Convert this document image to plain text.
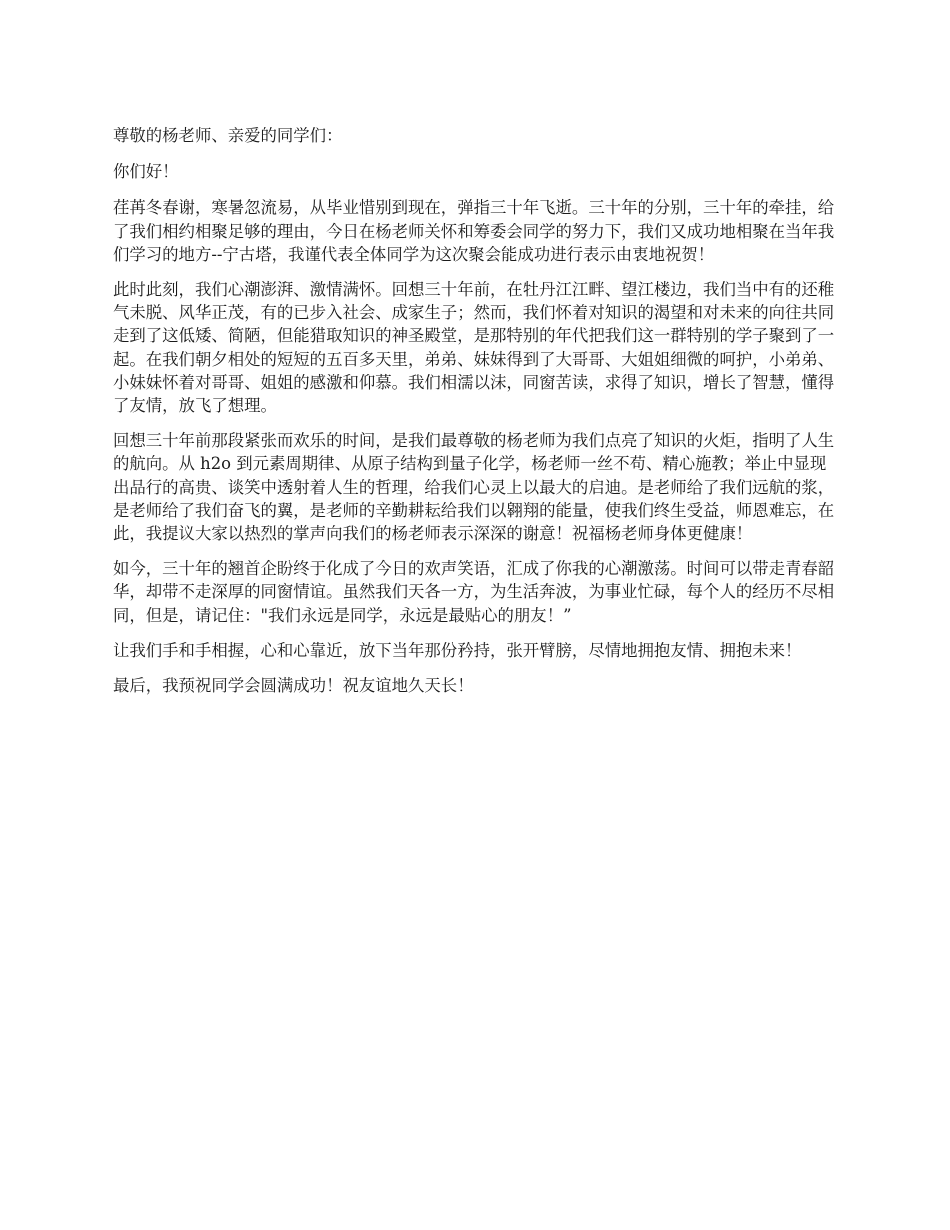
尊敬的杨老师、亲爱的同学们：

你们好！

荏苒冬春谢，寒暑忽流易，从毕业惜别到现在，弹指三十年飞逝。三十年的分别，三十年的牵挂，给了我们相约相聚足够的理由，今日在杨老师关怀和筹委会同学的努力下，我们又成功地相聚在当年我们学习的地方--宁古塔，我谨代表全体同学为这次聚会能成功进行表示由衷地祝贺！

此时此刻，我们心潮澎湃、激情满怀。回想三十年前，在牡丹江江畔、望江楼边，我们当中有的还稚气未脱、风华正茂，有的已步入社会、成家生子；然而，我们怀着对知识的渴望和对未来的向往共同走到了这低矮、简陋，但能猎取知识的神圣殿堂，是那特别的年代把我们这一群特别的学子聚到了一起。在我们朝夕相处的短短的五百多天里，弟弟、妹妹得到了大哥哥、大姐姐细微的呵护，小弟弟、小妹妹怀着对哥哥、姐姐的感激和仰慕。我们相濡以沫，同窗苦读，求得了知识，增长了智慧，懂得了友情，放飞了想理。

回想三十年前那段紧张而欢乐的时间，是我们最尊敬的杨老师为我们点亮了知识的火炬，指明了人生的航向。从 h2o 到元素周期律、从原子结构到量子化学，杨老师一丝不苟、精心施教；举止中显现出品行的高贵、谈笑中透射着人生的哲理，给我们心灵上以最大的启迪。是老师给了我们远航的浆，是老师给了我们奋飞的翼，是老师的辛勤耕耘给我们以翱翔的能量，使我们终生受益，师恩难忘，在此，我提议大家以热烈的掌声向我们的杨老师表示深深的谢意！祝福杨老师身体更健康！

如今，三十年的翘首企盼终于化成了今日的欢声笑语，汇成了你我的心潮激荡。时间可以带走青春韶华，却带不走深厚的同窗情谊。虽然我们天各一方，为生活奔波，为事业忙碌，每个人的经历不尽相同，但是，请记住："我们永远是同学，永远是最贴心的朋友！”

让我们手和手相握，心和心靠近，放下当年那份矜持，张开臂膀，尽情地拥抱友情、拥抱未来！

最后，我预祝同学会圆满成功！祝友谊地久天长！
